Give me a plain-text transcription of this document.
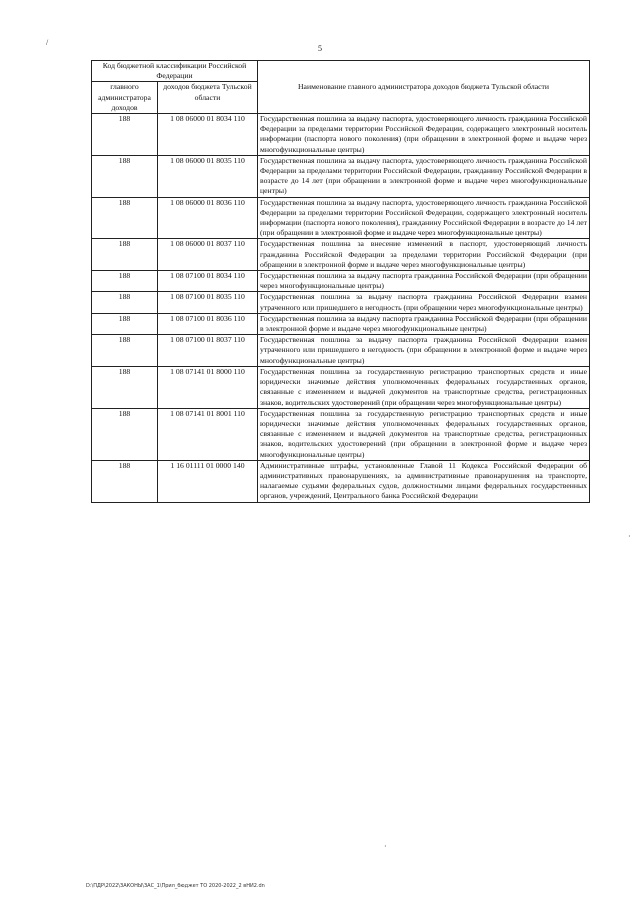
5
/
·
·
Код бюджетной классификации Российской Федерации		Наименование главного администратора доходов бюджета Тульской области
главного администратора доходов	доходов бюджета Тульской области	
188	1 08 06000 01 8034 110	Государственная пошлина за выдачу паспорта, удостоверяющего личность гражданина Российской Федерации за пределами территории Российской Федерации, содержащего электронный носитель информации (паспорта нового поколения) (при обращении в электронной форме и выдаче через многофункциональные центры)
188	1 08 06000 01 8035 110	Государственная пошлина за выдачу паспорта, удостоверяющего личность гражданина Российской Федерации за пределами территории Российской Федерации, гражданину Российской Федерации в возрасте до 14 лет (при обращении в электронной форме и выдаче через многофункциональные центры)
188	1 08 06000 01 8036 110	Государственная пошлина за выдачу паспорта, удостоверяющего личность гражданина Российской Федерации за пределами территории Российской Федерации, содержащего электронный носитель информации (паспорта нового поколения), гражданину Российской Федерации в возрасте до 14 лет (при обращении в электронной форме и выдаче через многофункциональные центры)
188	1 08 06000 01 8037 110	Государственная пошлина за внесение изменений в паспорт, удостоверяющий личность гражданина Российской Федерации за пределами территории Российской Федерации (при обращении в электронной форме и выдаче через многофункциональные центры)
188	1 08 07100 01 8034 110	Государственная пошлина за выдачу паспорта гражданина Российской Федерации (при обращении через многофункциональные центры)
188	1 08 07100 01 8035 110	Государственная пошлина за выдачу паспорта гражданина Российской Федерации взамен утраченного или пришедшего в негодность (при обращении через многофункциональные центры)
188	1 08 07100 01 8036 110	Государственная пошлина за выдачу паспорта гражданина Российской Федерации (при обращении в электронной форме и выдаче через многофункциональные центры)
188	1 08 07100 01 8037 110	Государственная пошлина за выдачу паспорта гражданина Российской Федерации взамен утраченного или пришедшего в негодность (при обращении в электронной форме и выдаче через многофункциональные центры)
188	1 08 07141 01 8000 110	Государственная пошлина за государственную регистрацию транспортных средств и иные юридически значимые действия уполномоченных федеральных государственных органов, связанные с изменением и выдачей документов на транспортные средства, регистрационных знаков, водительских удостоверений (при обращении через многофункциональные центры)
188	1 08 07141 01 8001 110	Государственная пошлина за государственную регистрацию транспортных средств и иные юридически значимые действия уполномоченных федеральных государственных органов, связанные с изменением и выдачей документов на транспортные средства, регистрационных знаков, водительских удостоверений (при обращении в электронной форме и выдаче через многофункциональные центры)
188	1 16 01111 01 0000 140	Административные штрафы, установленные Главой 11 Кодекса Российской Федерации об административных правонарушениях, за административные правонарушения на транспорте, налагаемые судьями федеральных судов, должностными лицами федеральных государственных органов, учреждений, Центрального банка Российской Федерации
D:\ПДР\2022\ЗАКОНЫ\ЗАС_1\Прил_бюджет ТО 2020-2022_2 вНИ2.dn
